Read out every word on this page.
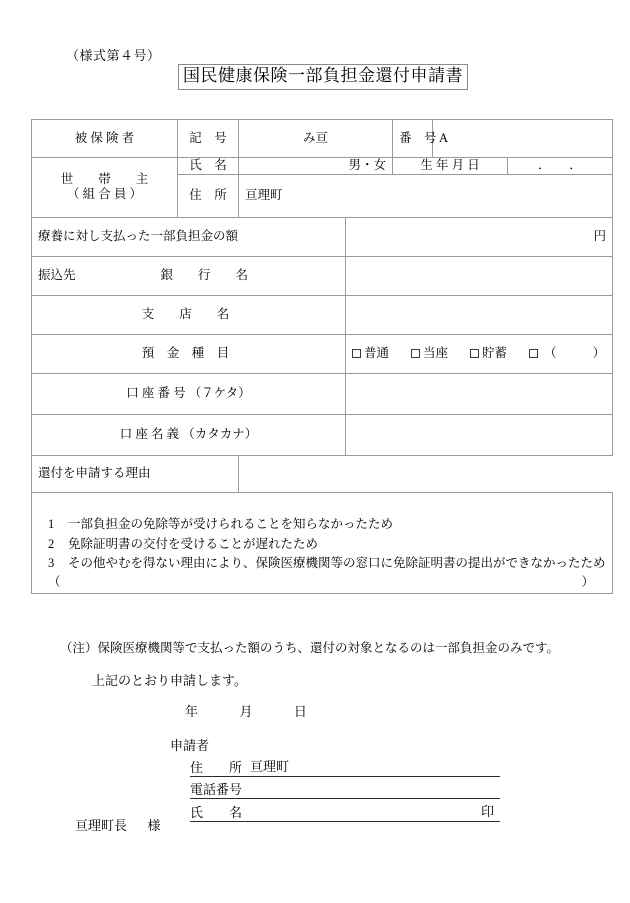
（様式第４号）
国民健康保険一部負担金還付申請書
被 保 険 者	記　号	み亘		番　号	A	

世　　帯　　主
（ 組 合 員 ）	氏　名	男・女		生 年 月 日		．　　．
	住　所	亘理町				
療養に対し支払った一部負担金の額			円			

振込先 銀　　行　　名						

支　　店　　名						
預　金　種　目			普通 当座 貯蓄 （ ）			

口 座 番 号 （７ケタ）						
口 座 名 義 （カタカナ）						
還付を申請する理由						

1	一部負担金の免除等が受けられることを知らなかったため
2	免除証明書の交付を受けることが遅れたため
3	その他やむを得ない理由により、保険医療機関等の窓口に免除証明書の提出ができなかったため
（	）
（注）保険医療機関等で支払った額のうち、還付の対象となるのは一部負担金のみです。
上記のとおり申請します。
年 月 日
申請者
住　　所 亘理町
電話番号
氏　　名	印
亘理町長 様
